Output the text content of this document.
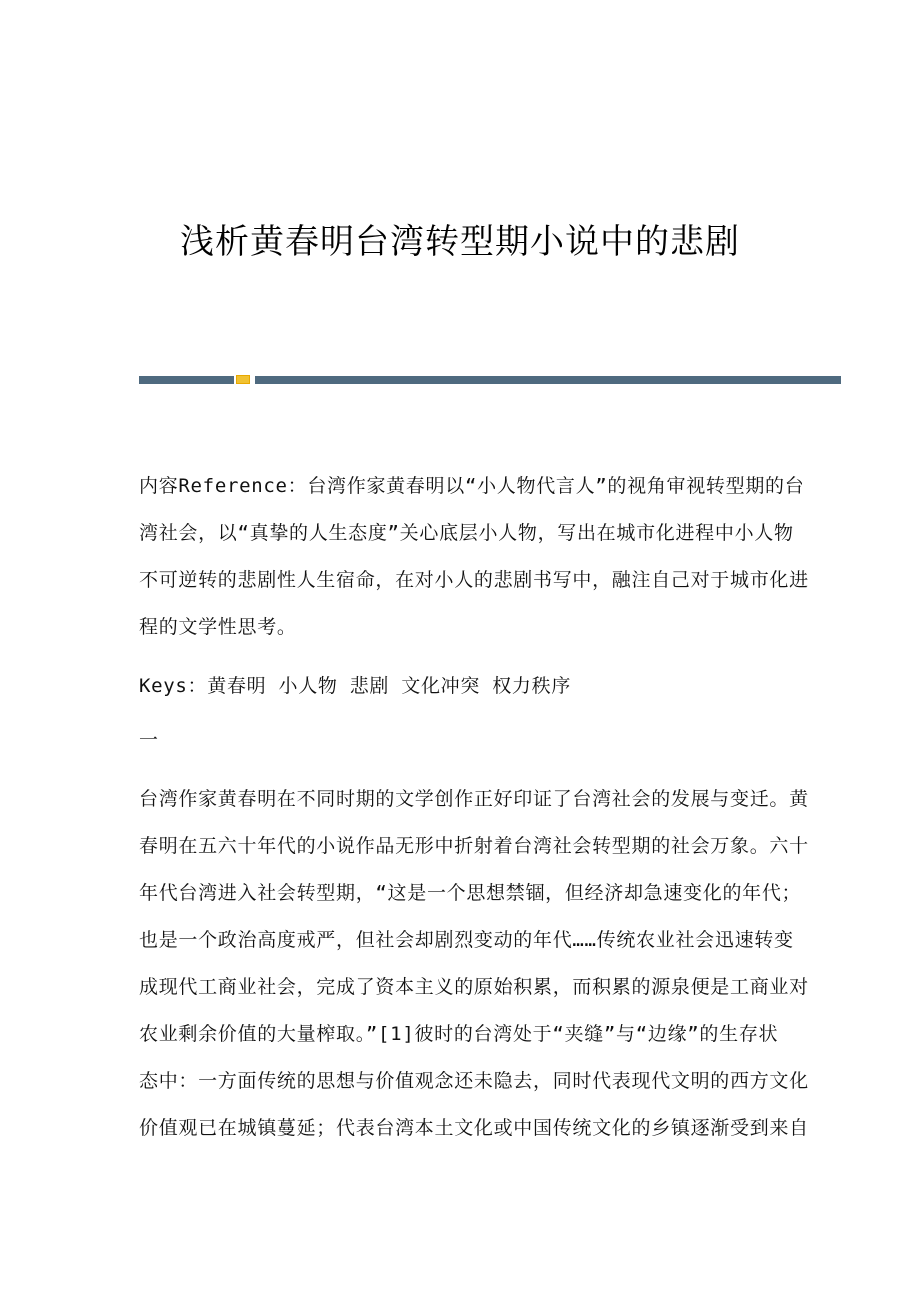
浅析黄春明台湾转型期小说中的悲剧
内容Reference：台湾作家黄春明以“小人物代言人”的视角审视转型期的台
湾社会，以“真挚的人生态度”关心底层小人物，写出在城市化进程中小人物
不可逆转的悲剧性人生宿命，在对小人的悲剧书写中，融注自己对于城市化进
程的文学性思考。
Keys：黄春明 小人物 悲剧 文化冲突 权力秩序
一
台湾作家黄春明在不同时期的文学创作正好印证了台湾社会的发展与变迁。黄
春明在五六十年代的小说作品无形中折射着台湾社会转型期的社会万象。六十
年代台湾进入社会转型期，“这是一个思想禁锢，但经济却急速变化的年代；
也是一个政治高度戒严，但社会却剧烈变动的年代……传统农业社会迅速转变
成现代工商业社会，完成了资本主义的原始积累，而积累的源泉便是工商业对
农业剩余价值的大量榨取。”[1]彼时的台湾处于“夹缝”与“边缘”的生存状
态中：一方面传统的思想与价值观念还未隐去，同时代表现代文明的西方文化
价值观已在城镇蔓延；代表台湾本土文化或中国传统文化的乡镇逐渐受到来自
